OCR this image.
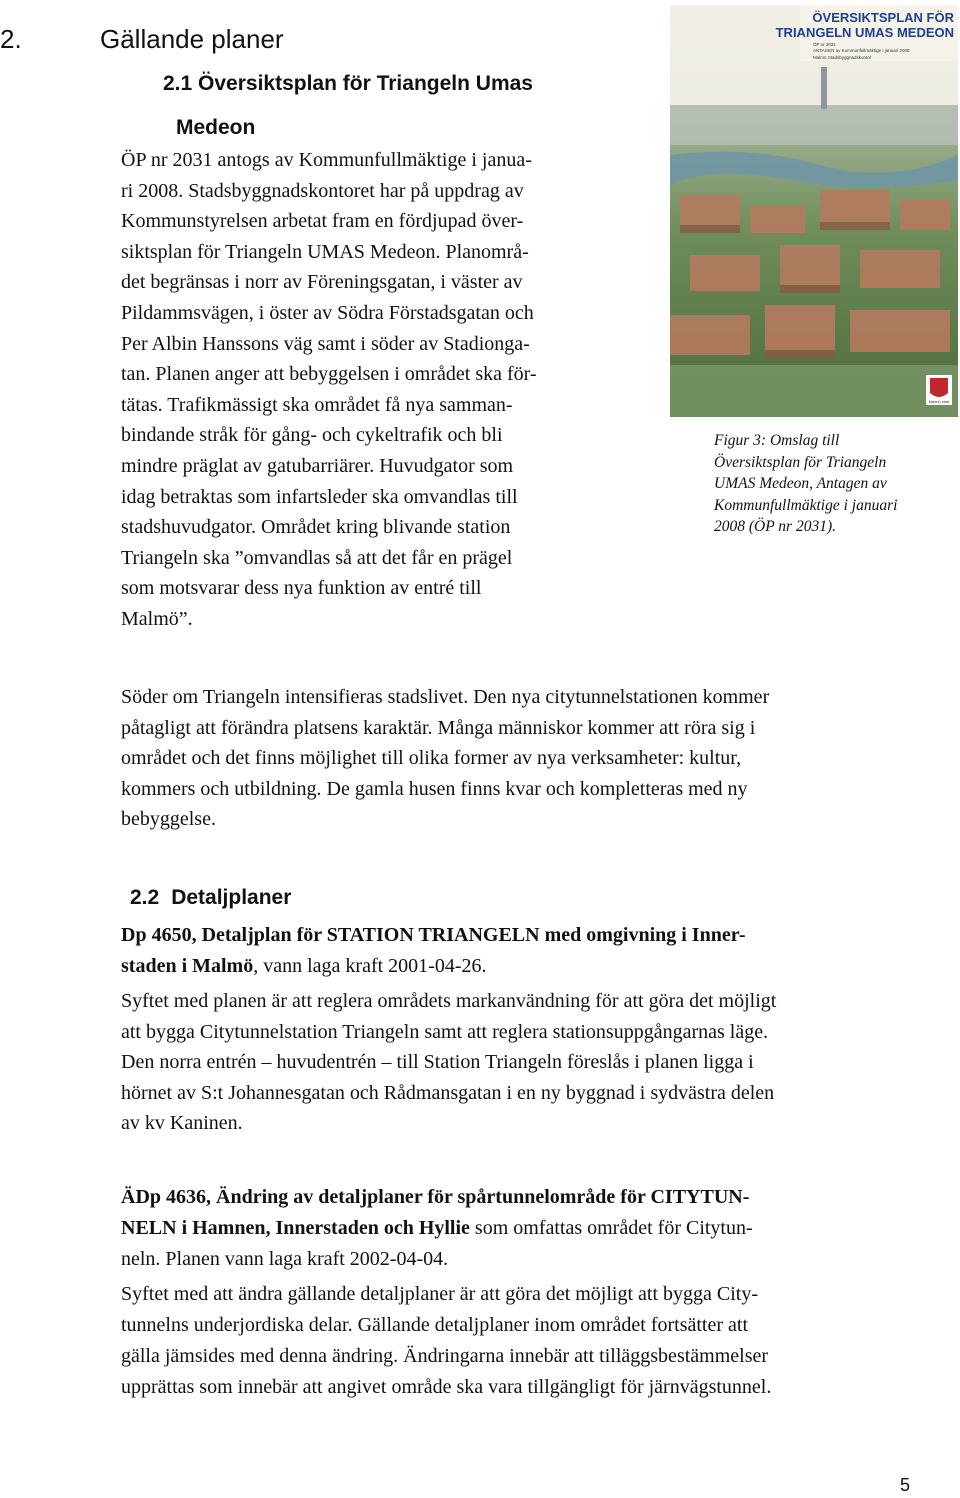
2.	Gällande planer
2.1 Översiktsplan för Triangeln Umas
Medeon
ÖP nr 2031 antogs av Kommunfullmäktige i janua-
ri 2008. Stadsbyggnadskontoret har på uppdrag av
Kommunstyrelsen arbetat fram en fördjupad över-
siktsplan för Triangeln UMAS Medeon. Planområ-
det begränsas i norr av Föreningsgatan, i väster av
Pildammsvägen, i öster av Södra Förstadsgatan och
Per Albin Hanssons väg samt i söder av Stadionga-
tan. Planen anger att bebyggelsen i området ska för-
tätas. Trafikmässigt ska området få nya samman-
bindande stråk för gång- och cykeltrafik och bli
mindre präglat av gatubarriärer. Huvudgator som
idag betraktas som infartsleder ska omvandlas till
stadshuvudgator. Området kring blivande station
Triangeln ska ”omvandlas så att det får en prägel
som motsvarar dess nya funktion av entré till
Malmö”.
ÖVERSIKTSPLAN FÖR
TRIANGELN UMAS MEDEON
ÖP nr 2031
ANTAGEN av Kommunfullmäktige i januari 2008
Malmö Stadsbyggnadskontor
Malmö stad
Figur 3: Omslag till
Översiktsplan för Triangeln
UMAS Medeon, Antagen av
Kommunfullmäktige i januari
2008 (ÖP nr 2031).
Söder om Triangeln intensifieras stadslivet. Den nya citytunnelstationen kommer
påtagligt att förändra platsens karaktär. Många människor kommer att röra sig i
området och det finns möjlighet till olika former av nya verksamheter: kultur,
kommers och utbildning. De gamla husen finns kvar och kompletteras med ny
bebyggelse.
2.2 Detaljplaner
Dp 4650, Detaljplan för STATION TRIANGELN med omgivning i Inner-
staden i Malmö, vann laga kraft 2001-04-26.
Syftet med planen är att reglera områdets markanvändning för att göra det möjligt
att bygga Citytunnelstation Triangeln samt att reglera stationsuppgångarnas läge.
Den norra entrén – huvudentrén – till Station Triangeln föreslås i planen ligga i
hörnet av S:t Johannesgatan och Rådmansgatan i en ny byggnad i sydvästra delen
av kv Kaninen.
ÄDp 4636, Ändring av detaljplaner för spårtunnelområde för CITYTUN-
NELN i Hamnen, Innerstaden och Hyllie som omfattas området för Citytun-
neln. Planen vann laga kraft 2002-04-04.
Syftet med att ändra gällande detaljplaner är att göra det möjligt att bygga City-
tunnelns underjordiska delar. Gällande detaljplaner inom området fortsätter att
gälla jämsides med denna ändring. Ändringarna innebär att tilläggsbestämmelser
upprättas som innebär att angivet område ska vara tillgängligt för järnvägstunnel.
5
